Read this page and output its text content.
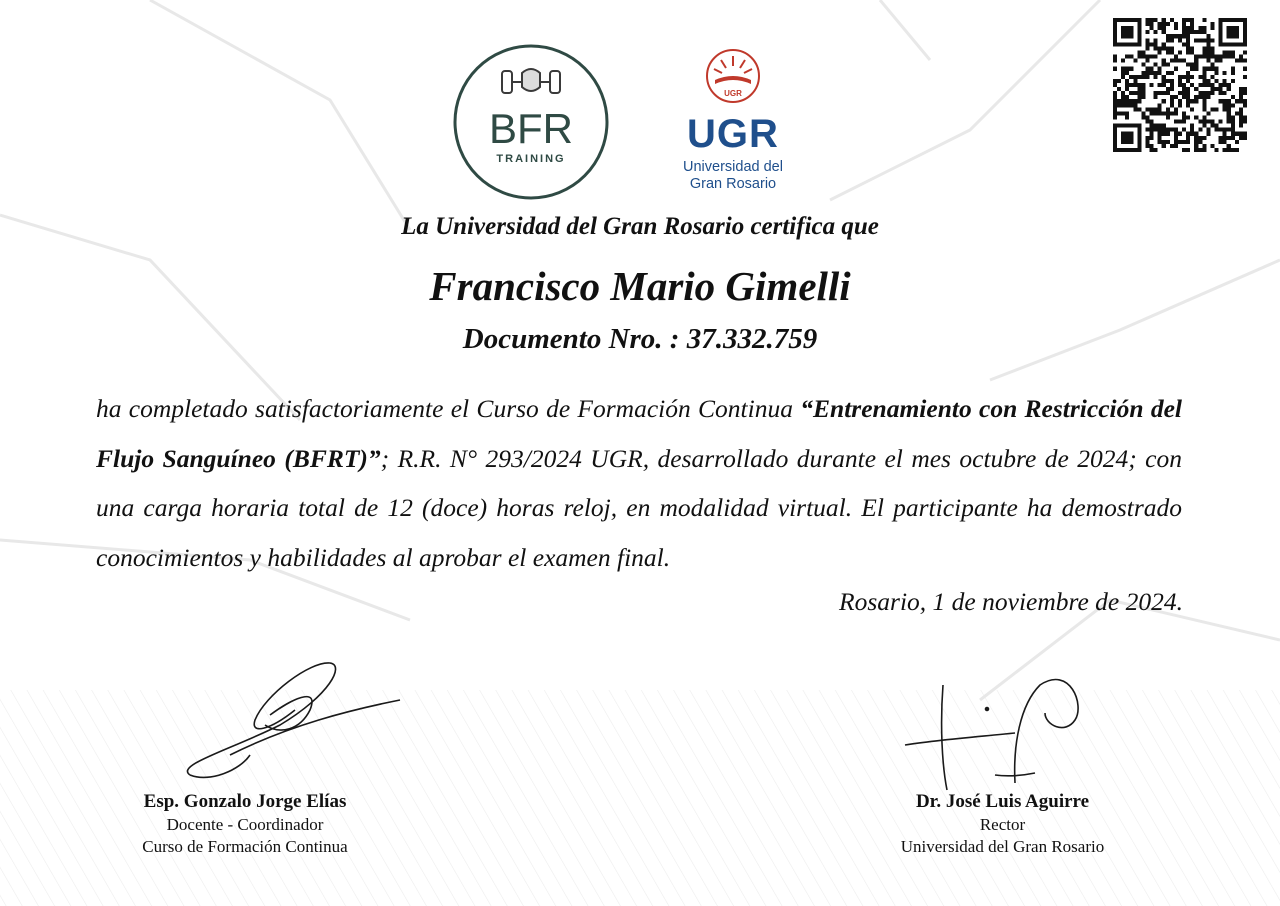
BFR
TRAINING
UGR
UGR
Universidad del
Gran Rosario
La Universidad del Gran Rosario certifica que
Francisco Mario Gimelli
Documento Nro. : 37.332.759
ha completado satisfactoriamente el Curso de Formación Continua “Entrenamiento con Restricción del Flujo Sanguíneo (BFRT)”; R.R. N° 293/2024 UGR, desarrollado durante el mes octubre de 2024; con una carga horaria total de 12 (doce) horas reloj, en modalidad virtual. El participante ha demostrado conocimientos y habilidades al aprobar el examen final.
Rosario, 1 de noviembre de 2024.
Esp. Gonzalo Jorge Elías
Docente - Coordinador
Curso de Formación Continua
Dr. José Luis Aguirre
Rector
Universidad del Gran Rosario
